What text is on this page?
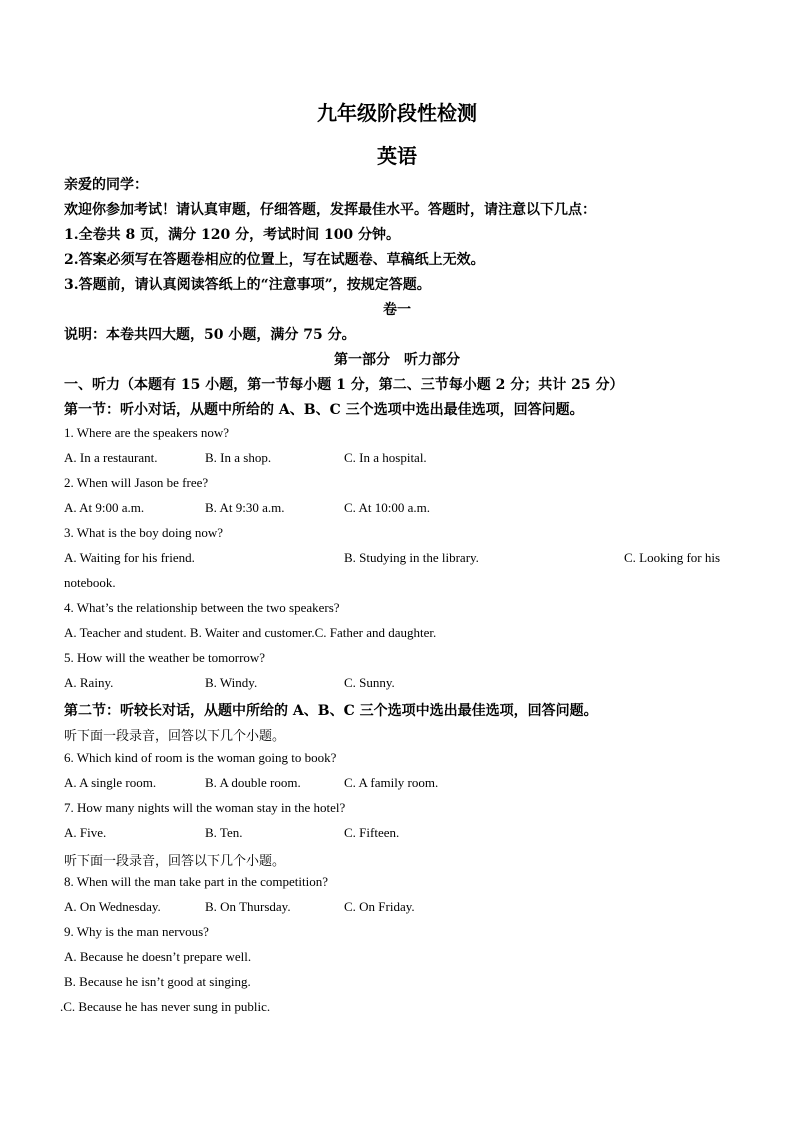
九年级阶段性检测
英语
亲爱的同学：
欢迎你参加考试！请认真审题，仔细答题，发挥最佳水平。答题时，请注意以下几点：
1.全卷共 8 页，满分 120 分，考试时间 100 分钟。
2.答案必须写在答题卷相应的位置上，写在试题卷、草稿纸上无效。
3.答题前，请认真阅读答纸上的“注意事项”，按规定答题。
卷一
说明：本卷共四大题，50 小题，满分 75 分。
第一部分　听力部分
一、听力（本题有 15 小题，第一节每小题 1 分，第二、三节每小题 2 分；共计 25 分）
第一节：听小对话，从题中所给的 A、B、C 三个选项中选出最佳选项，回答问题。
1. Where are the speakers now?
A. In a restaurant.	B. In a shop.	C. In a hospital.
2. When will Jason be free?
A. At 9:00 a.m.	B. At 9:30 a.m.	C. At 10:00 a.m.
3. What is the boy doing now?
A. Waiting for his friend.	B. Studying in the library.	C. Looking for his
notebook.
4. What’s the relationship between the two speakers?
A. Teacher and student. B. Waiter and customer.C. Father and daughter.
5. How will the weather be tomorrow?
A. Rainy.	B. Windy.	C. Sunny.
第二节：听较长对话，从题中所给的 A、B、C 三个选项中选出最佳选项，回答问题。
听下面一段录音，回答以下几个小题。
6. Which kind of room is the woman going to book?
A. A single room.	B. A double room.	C. A family room.
7. How many nights will the woman stay in the hotel?
A. Five.	B. Ten.	C. Fifteen.
听下面一段录音，回答以下几个小题。
8. When will the man take part in the competition?
A. On Wednesday.	B. On Thursday.	C. On Friday.
9. Why is the man nervous?
A. Because he doesn’t prepare well.
B. Because he isn’t good at singing.
.C. Because he has never sung in public.
